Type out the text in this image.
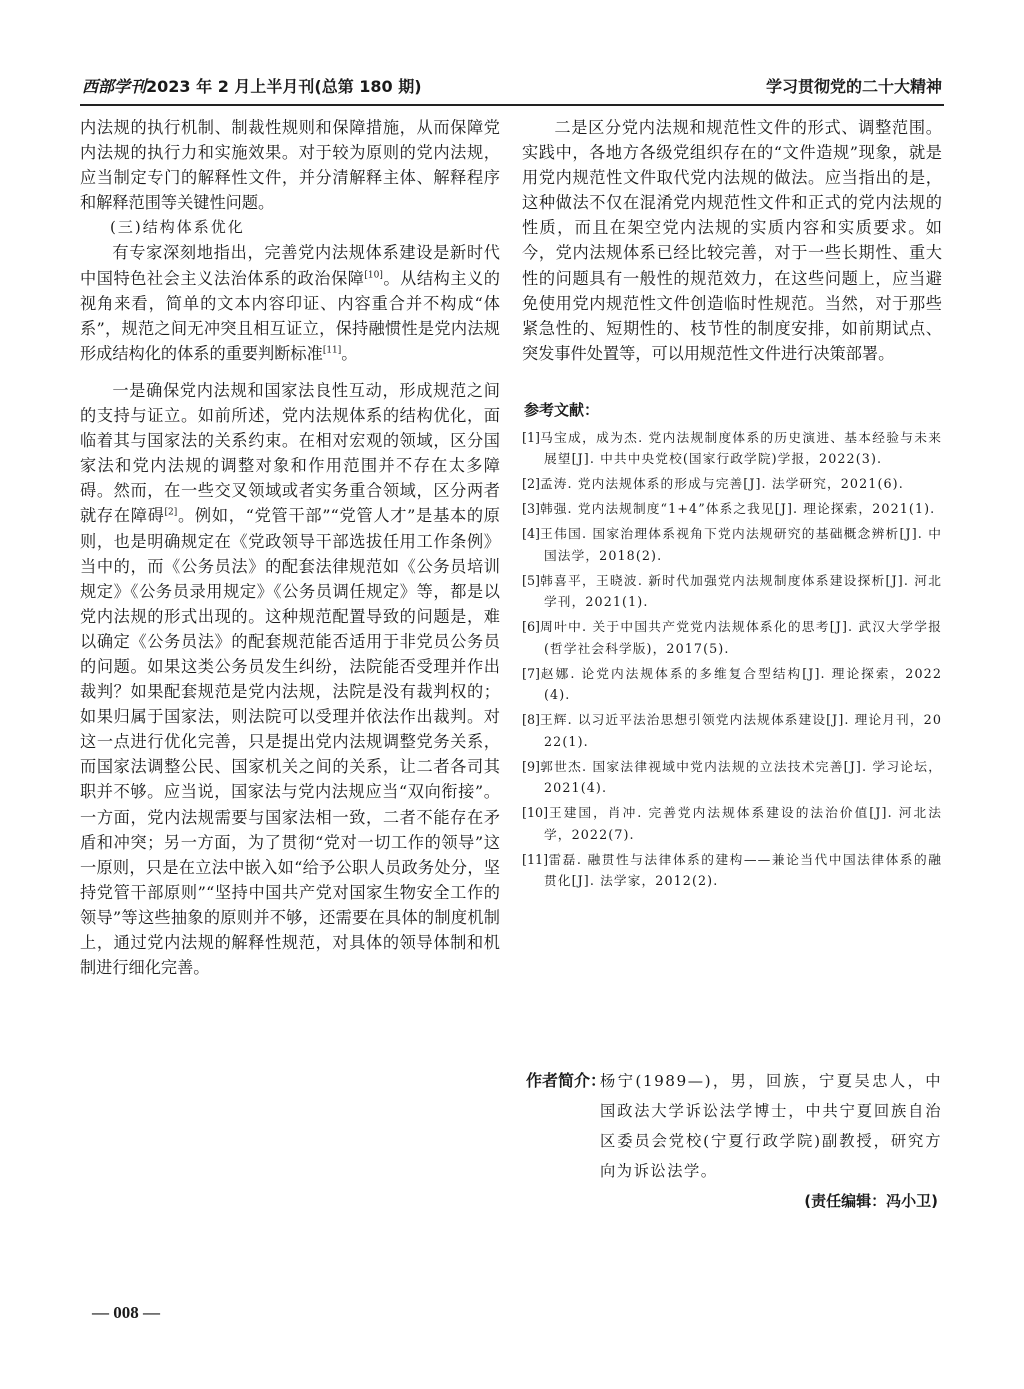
西部学刊2023 年 2 月上半月刊(总第 180 期)	学习贯彻党的二十大精神

内法规的执行机制、制裁性规则和保障措施，从而保障党内法规的执行力和实施效果。对于较为原则的党内法规，应当制定专门的解释性文件，并分清解释主体、解释程序和解释范围等关键性问题。

(三)结构体系优化

有专家深刻地指出，完善党内法规体系建设是新时代中国特色社会主义法治体系的政治保障[10]。从结构主义的视角来看，简单的文本内容印证、内容重合并不构成“体系”，规范之间无冲突且相互证立，保持融惯性是党内法规形成结构化的体系的重要判断标准[11]。

一是确保党内法规和国家法良性互动，形成规范之间的支持与证立。如前所述，党内法规体系的结构优化，面临着其与国家法的关系约束。在相对宏观的领域，区分国家法和党内法规的调整对象和作用范围并不存在太多障碍。然而，在一些交叉领域或者实务重合领域，区分两者就存在障碍[2]。例如，“党管干部”“党管人才”是基本的原则，也是明确规定在《党政领导干部选拔任用工作条例》当中的，而《公务员法》的配套法律规范如《公务员培训规定》《公务员录用规定》《公务员调任规定》等，都是以党内法规的形式出现的。这种规范配置导致的问题是，难以确定《公务员法》的配套规范能否适用于非党员公务员的问题。如果这类公务员发生纠纷，法院能否受理并作出裁判？如果配套规范是党内法规，法院是没有裁判权的；如果归属于国家法，则法院可以受理并依法作出裁判。对这一点进行优化完善，只是提出党内法规调整党务关系，而国家法调整公民、国家机关之间的关系，让二者各司其职并不够。应当说，国家法与党内法规应当“双向衔接”。一方面，党内法规需要与国家法相一致，二者不能存在矛盾和冲突；另一方面，为了贯彻“党对一切工作的领导”这一原则，只是在立法中嵌入如“给予公职人员政务处分，坚持党管干部原则”“坚持中国共产党对国家生物安全工作的领导”等这些抽象的原则并不够，还需要在具体的制度机制上，通过党内法规的解释性规范，对具体的领导体制和机制进行细化完善。

二是区分党内法规和规范性文件的形式、调整范围。实践中，各地方各级党组织存在的“文件造规”现象，就是用党内规范性文件取代党内法规的做法。应当指出的是，这种做法不仅在混淆党内规范性文件和正式的党内法规的性质，而且在架空党内法规的实质内容和实质要求。如今，党内法规体系已经比较完善，对于一些长期性、重大性的问题具有一般性的规范效力，在这些问题上，应当避免使用党内规范性文件创造临时性规范。当然，对于那些紧急性的、短期性的、枝节性的制度安排，如前期试点、突发事件处置等，可以用规范性文件进行决策部署。

参考文献：

[1]马宝成，成为杰. 党内法规制度体系的历史演进、基本经验与未来展望[J]. 中共中央党校(国家行政学院)学报，2022(3).

[2]孟涛. 党内法规体系的形成与完善[J]. 法学研究，2021(6).

[3]韩强. 党内法规制度“1+4”体系之我见[J]. 理论探索，2021(1).

[4]王伟国. 国家治理体系视角下党内法规研究的基础概念辨析[J]. 中国法学，2018(2).

[5]韩喜平，王晓波. 新时代加强党内法规制度体系建设探析[J]. 河北学刊，2021(1).

[6]周叶中. 关于中国共产党党内法规体系化的思考[J]. 武汉大学学报(哲学社会科学版)，2017(5).

[7]赵娜. 论党内法规体系的多维复合型结构[J]. 理论探索，2022(4).

[8]王辉. 以习近平法治思想引领党内法规体系建设[J]. 理论月刊，2022(1).

[9]郭世杰. 国家法律视域中党内法规的立法技术完善[J]. 学习论坛，2021(4).

[10]王建国，肖冲. 完善党内法规体系建设的法治价值[J]. 河北法学，2022(7).

[11]雷磊. 融贯性与法律体系的建构——兼论当代中国法律体系的融贯化[J]. 法学家，2012(2).

作者简介：

杨宁(1989—)，男，回族，宁夏吴忠人，中国政法大学诉讼法学博士，中共宁夏回族自治区委员会党校(宁夏行政学院)副教授，研究方向为诉讼法学。

(责任编辑：冯小卫)
— 008 —
